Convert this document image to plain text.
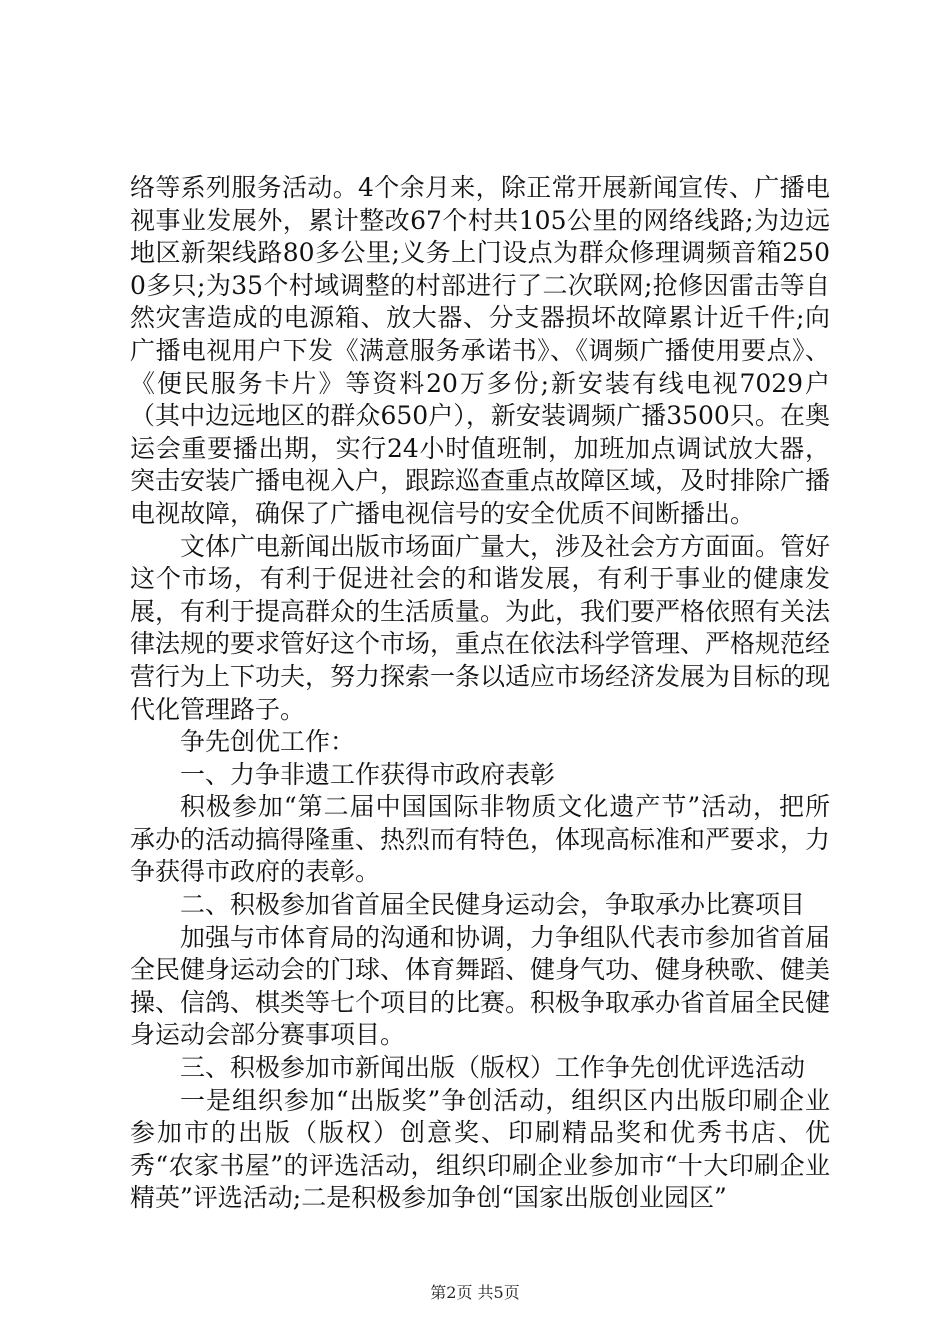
络等系列服务活动。4个余月来，除正常开展新闻宣传、广播电视事业发展外，累计整改67个村共105公里的网络线路;为边远地区新架线路80多公里;义务上门设点为群众修理调频音箱2500多只;为35个村域调整的村部进行了二次联网;抢修因雷击等自然灾害造成的电源箱、放大器、分支器损坏故障累计近千件;向广播电视用户下发《满意服务承诺书》、《调频广播使用要点》、《便民服务卡片》等资料20万多份;新安装有线电视7029户（其中边远地区的群众650户），新安装调频广播3500只。在奥运会重要播出期，实行24小时值班制，加班加点调试放大器，突击安装广播电视入户，跟踪巡查重点故障区域，及时排除广播电视故障，确保了广播电视信号的安全优质不间断播出。

文体广电新闻出版市场面广量大，涉及社会方方面面。管好这个市场，有利于促进社会的和谐发展，有利于事业的健康发展，有利于提高群众的生活质量。为此，我们要严格依照有关法律法规的要求管好这个市场，重点在依法科学管理、严格规范经营行为上下功夫，努力探索一条以适应市场经济发展为目标的现代化管理路子。

争先创优工作：

一、力争非遗工作获得市政府表彰

积极参加“第二届中国国际非物质文化遗产节”活动，把所承办的活动搞得隆重、热烈而有特色，体现高标准和严要求，力争获得市政府的表彰。

二、积极参加省首届全民健身运动会，争取承办比赛项目

加强与市体育局的沟通和协调，力争组队代表市参加省首届全民健身运动会的门球、体育舞蹈、健身气功、健身秧歌、健美操、信鸽、棋类等七个项目的比赛。积极争取承办省首届全民健身运动会部分赛事项目。

三、积极参加市新闻出版（版权）工作争先创优评选活动

一是组织参加“出版奖”争创活动，组织区内出版印刷企业参加市的出版（版权）创意奖、印刷精品奖和优秀书店、优秀“农家书屋”的评选活动，组织印刷企业参加市“十大印刷企业精英”评选活动;二是积极参加争创“国家出版创业园区”

第2页 共5页
